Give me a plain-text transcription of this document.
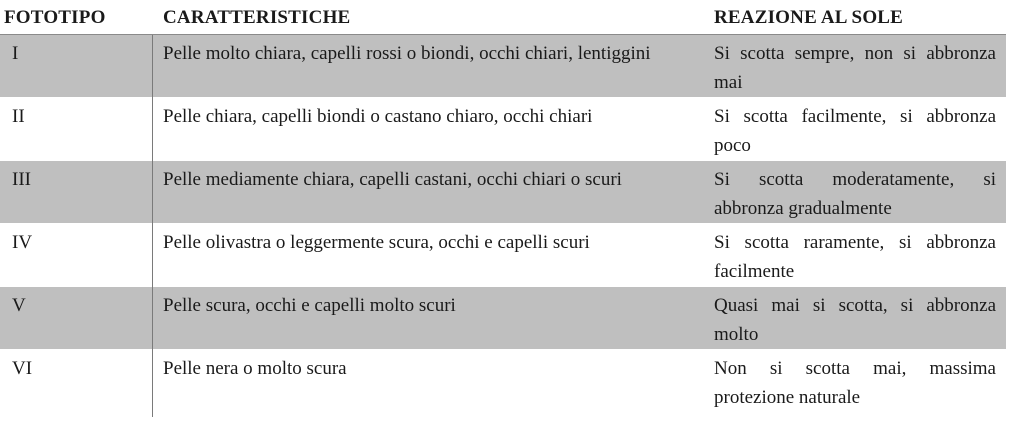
FOTOTIPO	CARATTERISTICHE	REAZIONE AL SOLE
I	Pelle molto chiara, capelli rossi o biondi, occhi chiari, lentiggini	Si scotta sempre, non si abbronza mai
II	Pelle chiara, capelli biondi o castano chiaro, occhi chiari	Si scotta facilmente, si abbronza poco
III	Pelle mediamente chiara, capelli castani, occhi chiari o scuri	Si scotta moderatamente, si abbronza gradualmente
IV	Pelle olivastra o leggermente scura, occhi e capelli scuri	Si scotta raramente, si abbronza facilmente
V	Pelle scura, occhi e capelli molto scuri	Quasi mai si scotta, si abbronza molto
VI	Pelle nera o molto scura	Non si scotta mai, massima protezione naturale
